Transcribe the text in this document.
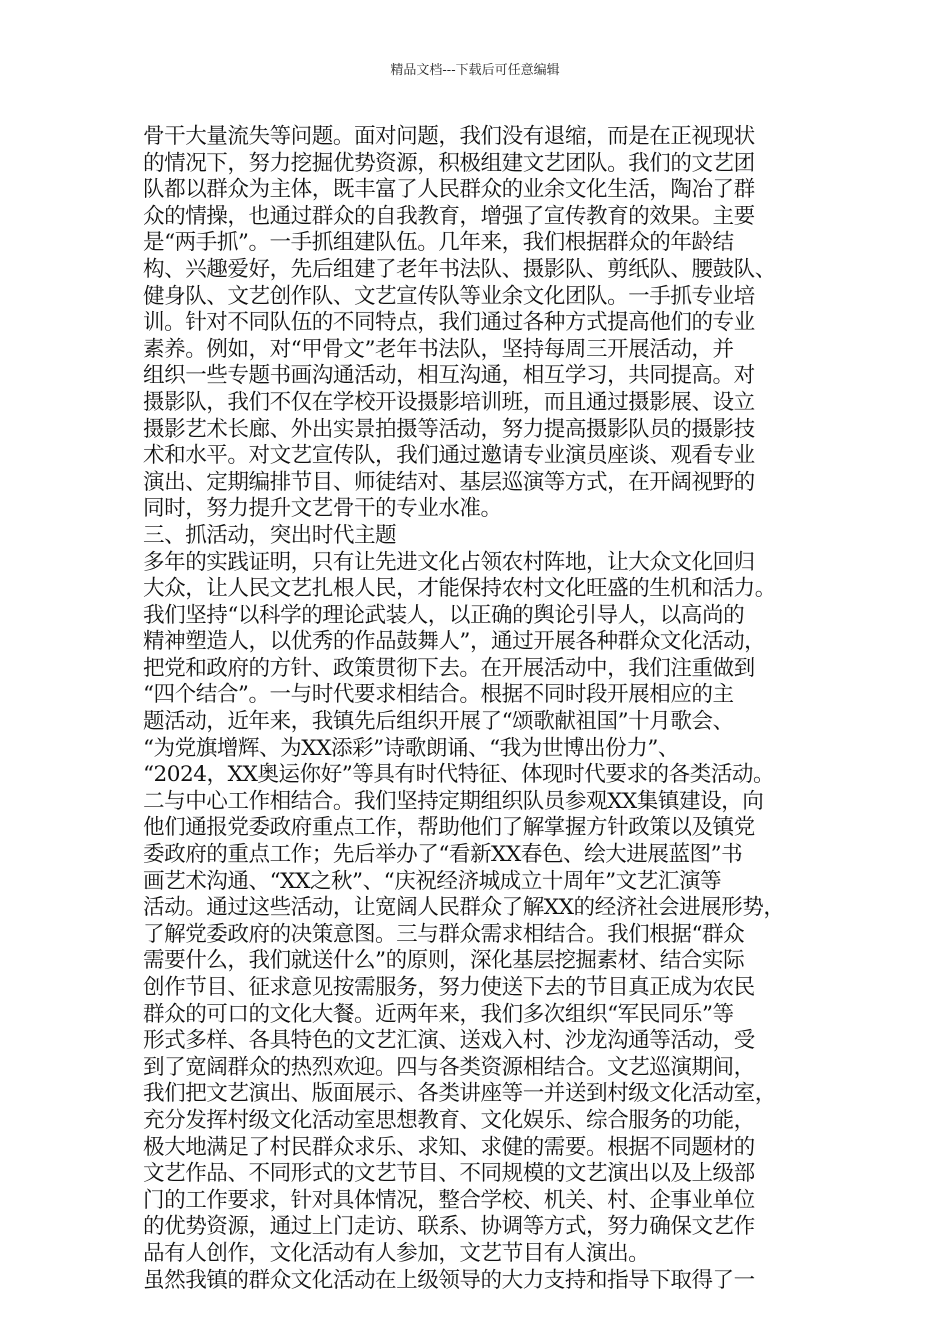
精品文档---下载后可任意编辑
骨干大量流失等问题。面对问题，我们没有退缩，而是在正视现状
的情况下，努力挖掘优势资源，积极组建文艺团队。我们的文艺团
队都以群众为主体，既丰富了人民群众的业余文化生活，陶冶了群
众的情操，也通过群众的自我教育，增强了宣传教育的效果。主要
是“两手抓”。一手抓组建队伍。几年来，我们根据群众的年龄结
构、兴趣爱好，先后组建了老年书法队、摄影队、剪纸队、腰鼓队、
健身队、文艺创作队、文艺宣传队等业余文化团队。一手抓专业培
训。针对不同队伍的不同特点，我们通过各种方式提高他们的专业
素养。例如，对“甲骨文”老年书法队，坚持每周三开展活动，并
组织一些专题书画沟通活动，相互沟通，相互学习，共同提高。对
摄影队，我们不仅在学校开设摄影培训班，而且通过摄影展、设立
摄影艺术长廊、外出实景拍摄等活动，努力提高摄影队员的摄影技
术和水平。对文艺宣传队，我们通过邀请专业演员座谈、观看专业
演出、定期编排节目、师徒结对、基层巡演等方式，在开阔视野的
同时，努力提升文艺骨干的专业水准。
三、抓活动，突出时代主题
多年的实践证明，只有让先进文化占领农村阵地，让大众文化回归
大众，让人民文艺扎根人民，才能保持农村文化旺盛的生机和活力。
我们坚持“以科学的理论武装人，以正确的舆论引导人，以高尚的
精神塑造人，以优秀的作品鼓舞人”，通过开展各种群众文化活动，
把党和政府的方针、政策贯彻下去。在开展活动中，我们注重做到
“四个结合”。一与时代要求相结合。根据不同时段开展相应的主
题活动，近年来，我镇先后组织开展了“颂歌献祖国”十月歌会、
“为党旗增辉、为XX添彩”诗歌朗诵、“我为世博出份力”、
“2024，XX奥运你好”等具有时代特征、体现时代要求的各类活动。
二与中心工作相结合。我们坚持定期组织队员参观XX集镇建设，向
他们通报党委政府重点工作，帮助他们了解掌握方针政策以及镇党
委政府的重点工作；先后举办了“看新XX春色、绘大进展蓝图”书
画艺术沟通、“XX之秋”、“庆祝经济城成立十周年”文艺汇演等
活动。通过这些活动，让宽阔人民群众了解XX的经济社会进展形势，
了解党委政府的决策意图。三与群众需求相结合。我们根据“群众
需要什么，我们就送什么”的原则，深化基层挖掘素材、结合实际
创作节目、征求意见按需服务，努力使送下去的节目真正成为农民
群众的可口的文化大餐。近两年来，我们多次组织“军民同乐”等
形式多样、各具特色的文艺汇演、送戏入村、沙龙沟通等活动，受
到了宽阔群众的热烈欢迎。四与各类资源相结合。文艺巡演期间，
我们把文艺演出、版面展示、各类讲座等一并送到村级文化活动室，
充分发挥村级文化活动室思想教育、文化娱乐、综合服务的功能，
极大地满足了村民群众求乐、求知、求健的需要。根据不同题材的
文艺作品、不同形式的文艺节目、不同规模的文艺演出以及上级部
门的工作要求，针对具体情况，整合学校、机关、村、企事业单位
的优势资源，通过上门走访、联系、协调等方式，努力确保文艺作
品有人创作，文化活动有人参加，文艺节目有人演出。
虽然我镇的群众文化活动在上级领导的大力支持和指导下取得了一
